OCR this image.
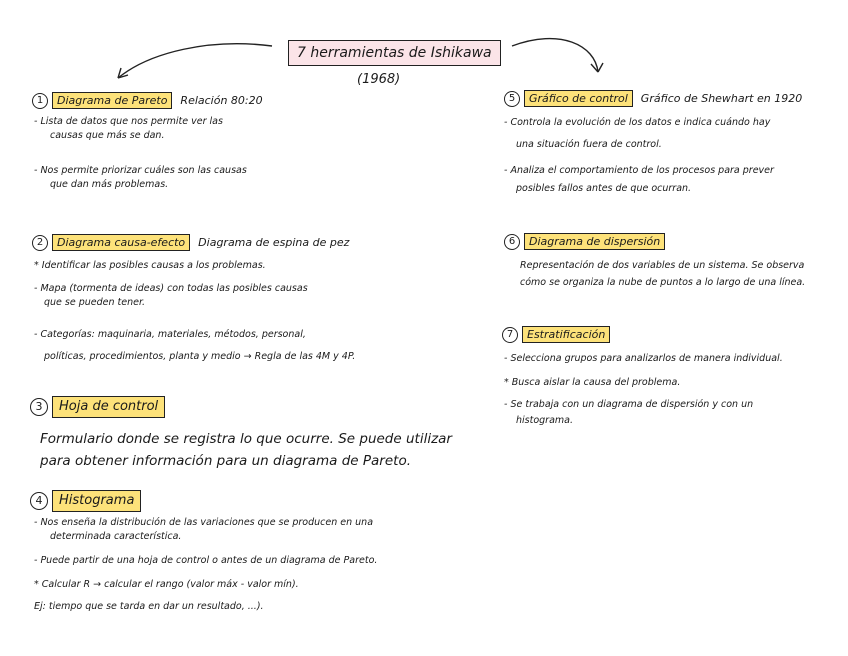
7 herramientas de Ishikawa
(1968)
1	Diagrama de Pareto	Relación 80:20
- Lista de datos que nos permite ver las
causas que más se dan.
- Nos permite priorizar cuáles son las causas
que dan más problemas.
2	Diagrama causa-efecto	Diagrama de espina de pez
* Identificar las posibles causas a los problemas.
- Mapa (tormenta de ideas) con todas las posibles causas
que se pueden tener.
- Categorías: maquinaria, materiales, métodos, personal,
políticas, procedimientos, planta y medio → Regla de las 4M y 4P.
3	Hoja de control
Formulario donde se registra lo que ocurre. Se puede utilizar
para obtener información para un diagrama de Pareto.
4	Histograma
- Nos enseña la distribución de las variaciones que se producen en una
determinada característica.
- Puede partir de una hoja de control o antes de un diagrama de Pareto.
* Calcular R → calcular el rango (valor máx - valor mín).
Ej: tiempo que se tarda en dar un resultado, ...).
5	Gráfico de control	Gráfico de Shewhart en 1920
- Controla la evolución de los datos e indica cuándo hay
una situación fuera de control.
- Analiza el comportamiento de los procesos para prever
posibles fallos antes de que ocurran.
6	Diagrama de dispersión
Representación de dos variables de un sistema. Se observa
cómo se organiza la nube de puntos a lo largo de una línea.
7	Estratificación
- Selecciona grupos para analizarlos de manera individual.
* Busca aislar la causa del problema.
- Se trabaja con un diagrama de dispersión y con un
histograma.
